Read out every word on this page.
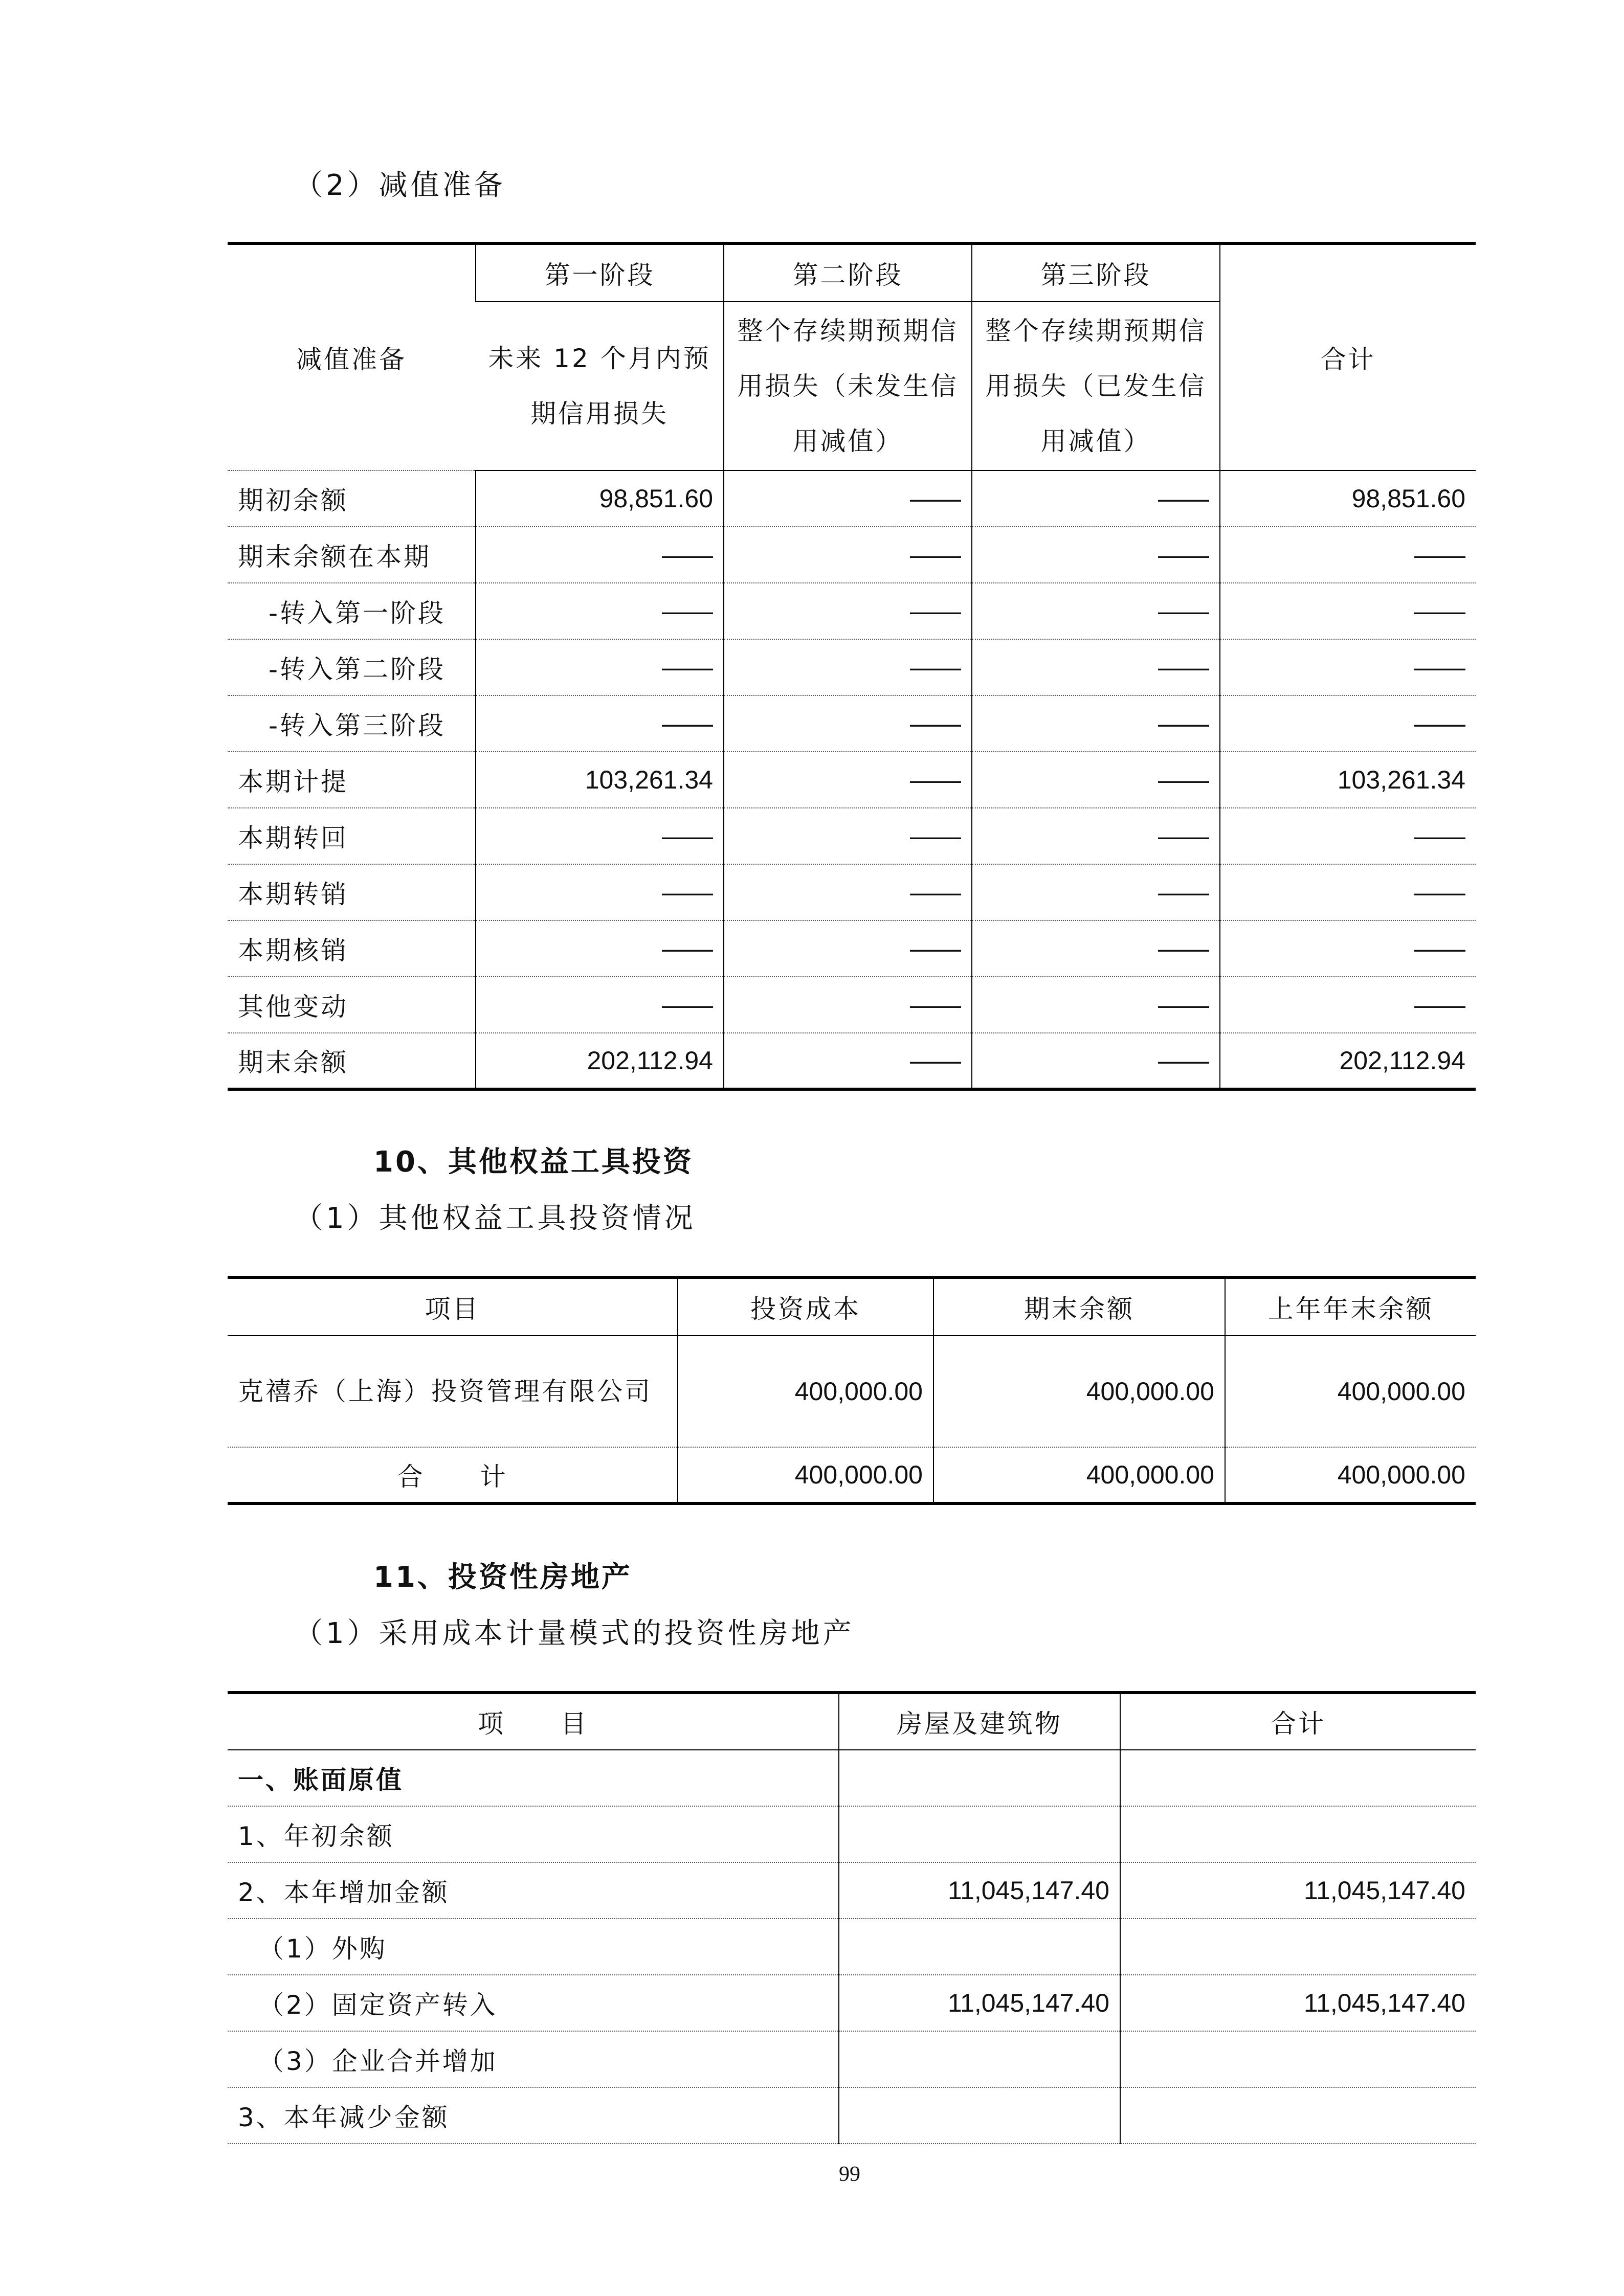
（2）减值准备
减值准备	第一阶段	第二阶段	第三阶段	合计
	未来 12 个月内预期信用损失	整个存续期预期信用损失（未发生信用减值）	整个存续期预期信用损失（已发生信用减值）	
期初余额	98,851.60	——	——	98,851.60
期末余额在本期	——	——	——	——
-转入第一阶段	——	——	——	——
-转入第二阶段	——	——	——	——
-转入第三阶段	——	——	——	——
本期计提	103,261.34	——	——	103,261.34
本期转回	——	——	——	——
本期转销	——	——	——	——
本期核销	——	——	——	——
其他变动	——	——	——	——
期末余额	202,112.94	——	——	202,112.94
10、其他权益工具投资
（1）其他权益工具投资情况
项目	投资成本	期末余额	上年年末余额
克禧乔（上海）投资管理有限公司	400,000.00	400,000.00	400,000.00
合　　计	400,000.00	400,000.00	400,000.00
11、投资性房地产
（1）采用成本计量模式的投资性房地产
项　　目	房屋及建筑物	合计
一、账面原值		
1、年初余额		
2、本年增加金额	11,045,147.40	11,045,147.40
（1）外购		
（2）固定资产转入	11,045,147.40	11,045,147.40
（3）企业合并增加		
3、本年减少金额		
99
